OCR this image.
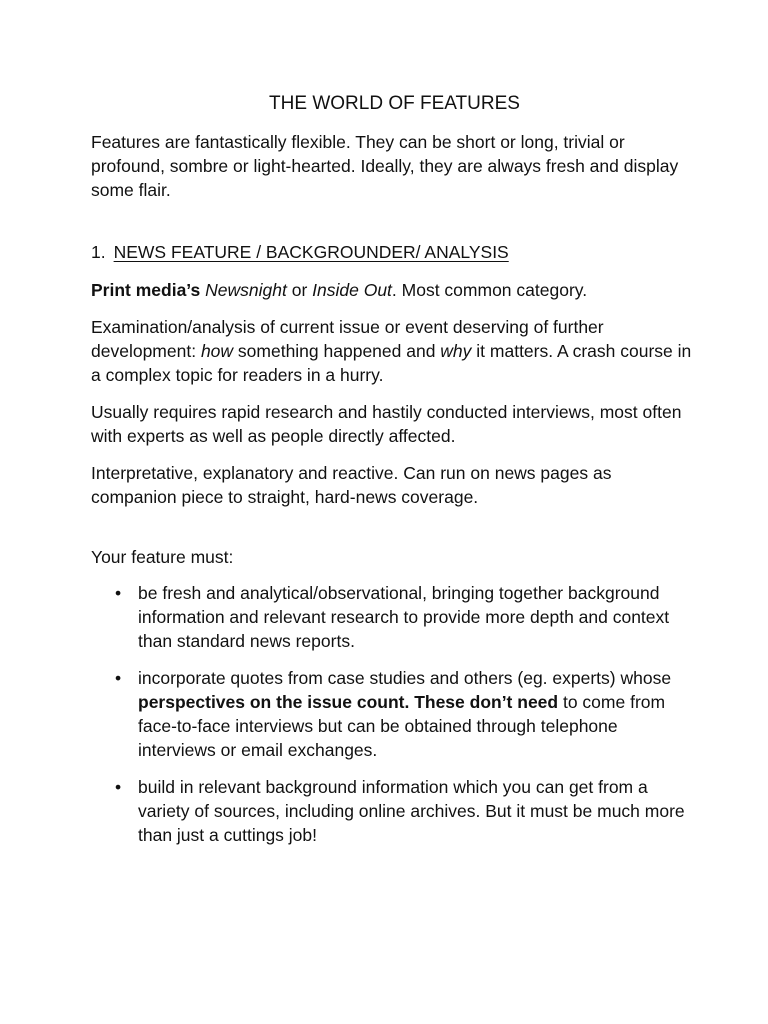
THE WORLD OF FEATURES

Features are fantastically flexible. They can be short or long, trivial or profound, sombre or light-hearted. Ideally, they are always fresh and display some flair.

1. NEWS FEATURE / BACKGROUNDER/ ANALYSIS

Print media’s Newsnight or Inside Out. Most common category.

Examination/analysis of current issue or event deserving of further development: how something happened and why it matters. A crash course in a complex topic for readers in a hurry.

Usually requires rapid research and hastily conducted interviews, most often with experts as well as people directly affected.

Interpretative, explanatory and reactive. Can run on news pages as companion piece to straight, hard-news coverage.

Your feature must:

• be fresh and analytical/observational, bringing together background information and relevant research to provide more depth and context than standard news reports.
• incorporate quotes from case studies and others (eg. experts) whose perspectives on the issue count. These don’t need to come from face-to-face interviews but can be obtained through telephone interviews or email exchanges.
• build in relevant background information which you can get from a variety of sources, including online archives. But it must be much more than just a cuttings job!
